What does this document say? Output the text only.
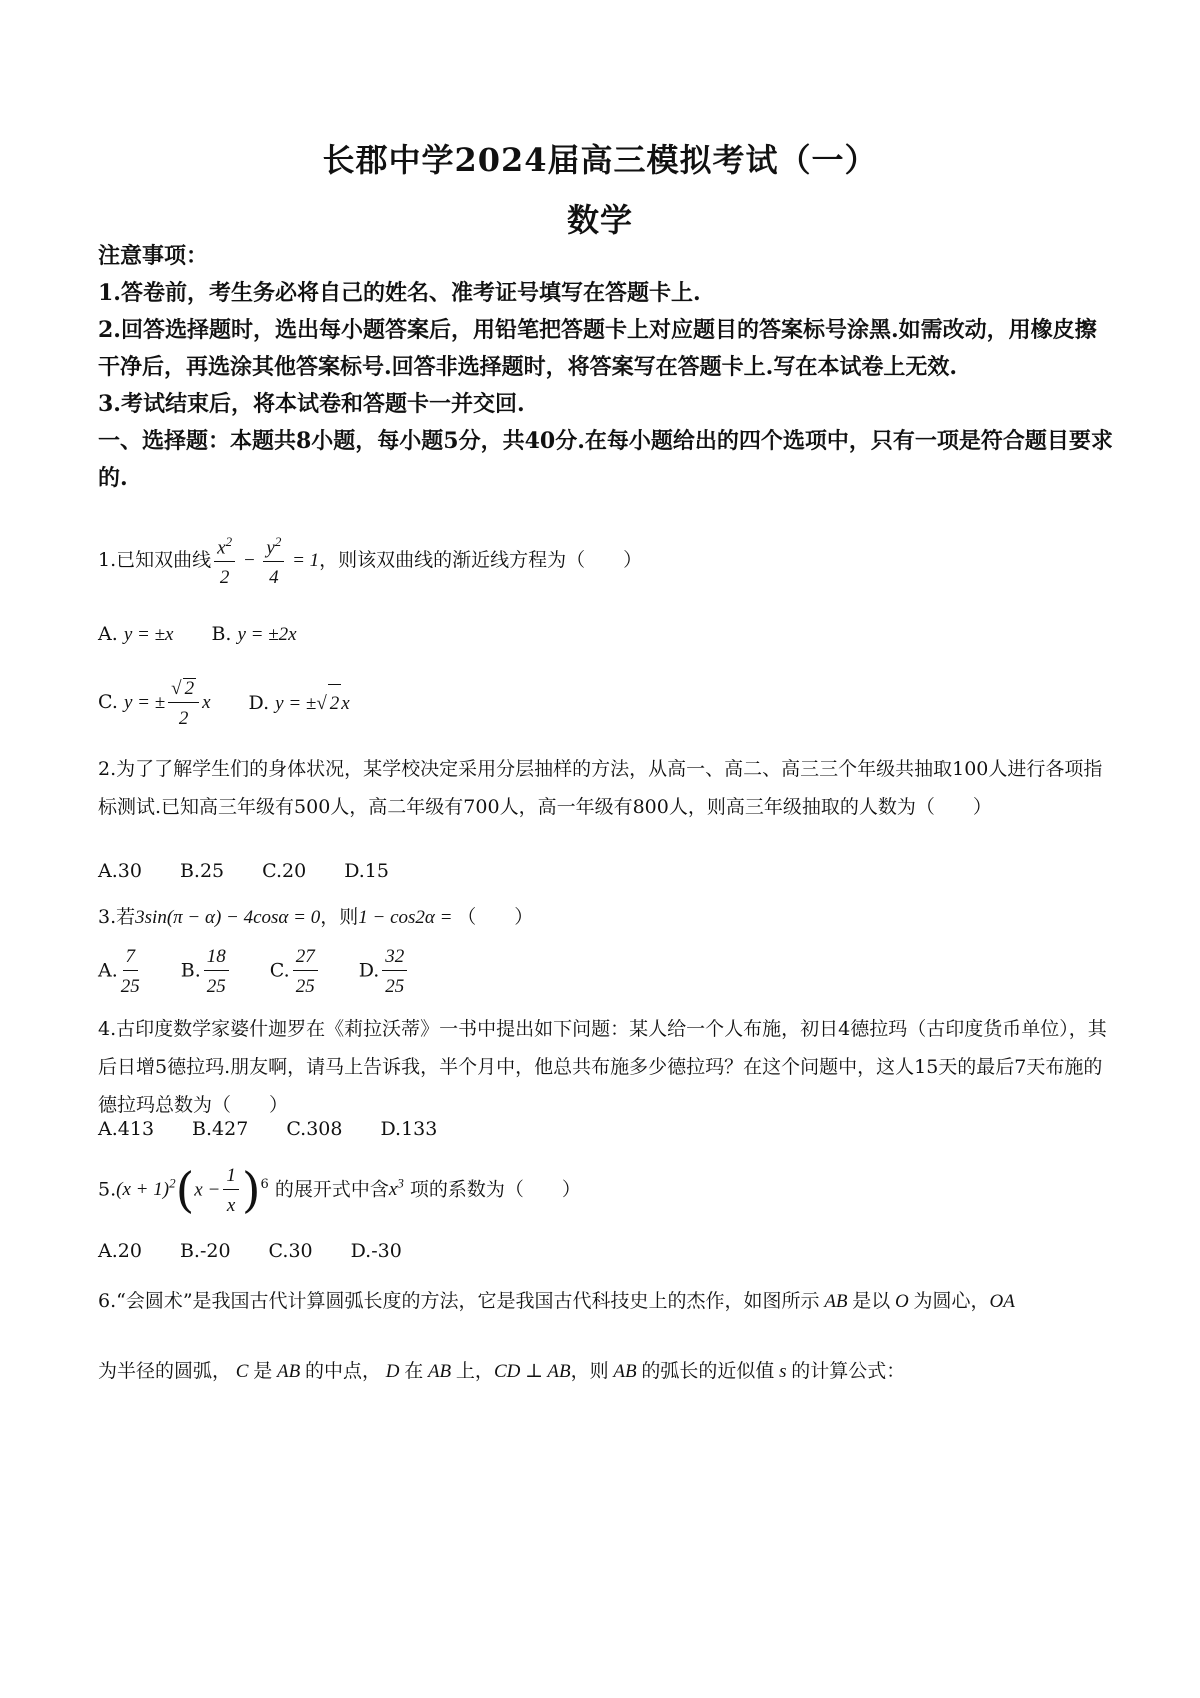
长郡中学2024届高三模拟考试（一）
数学

注意事项：

1.答卷前，考生务必将自己的姓名、准考证号填写在答题卡上.

2.回答选择题时，选出每小题答案后，用铅笔把答题卡上对应题目的答案标号涂黑.如需改动，用橡皮擦干净后，再选涂其他答案标号.回答非选择题时，将答案写在答题卡上.写在本试卷上无效.

3.考试结束后，将本试卷和答题卡一并交回.

一、选择题：本题共8小题，每小题5分，共40分.在每小题给出的四个选项中，只有一项是符合题目要求的.

1.已知双曲线 $\frac{x^2}{2} - \frac{y^2}{4} = 1$，则该双曲线的渐近线方程为（　　）

A. y = ±x B. y = ±2x
C. y = ± $\frac{√ 2}{2}$ x D. y = ±√ 2 x

2.为了了解学生们的身体状况，某学校决定采用分层抽样的方法，从高一、高二、高三三个年级共抽取100人进行各项指标测试.已知高三年级有500人，高二年级有700人，高一年级有800人，则高三年级抽取的人数为（　　）

A.30 B.25 C.20 D.15

3.若3sin(π − α) − 4cosα = 0，则1 − cos2α = （　　）

A. $\frac{7}{25} B$. $\frac{18}{25} C$. $\frac{27}{25} D$. $\frac{32}{25}$

4.古印度数学家婆什迦罗在《莉拉沃蒂》一书中提出如下问题：某人给一个人布施，初日4德拉玛（古印度货币单位），其后日增5德拉玛.朋友啊，请马上告诉我，半个月中，他总共布施多少德拉玛？在这个问题中，这人15天的最后7天布施的德拉玛总数为（　　）

A.413 B.427 C.308 D.133

$5.(x + 1)^2(x - \frac{1}{x} )^6$ 的展开式中含$x^3$ 项的系数为（　　）

A.20 B.-20 C.30 D.-30

6.“会圆术”是我国古代计算圆弧长度的方法，它是我国古代科技史上的杰作，如图所示 AB 是以 O 为圆心，OA

为半径的圆弧， C 是 AB 的中点， D 在 AB 上，CD ⊥ AB，则 AB 的弧长的近似值 s 的计算公式：
